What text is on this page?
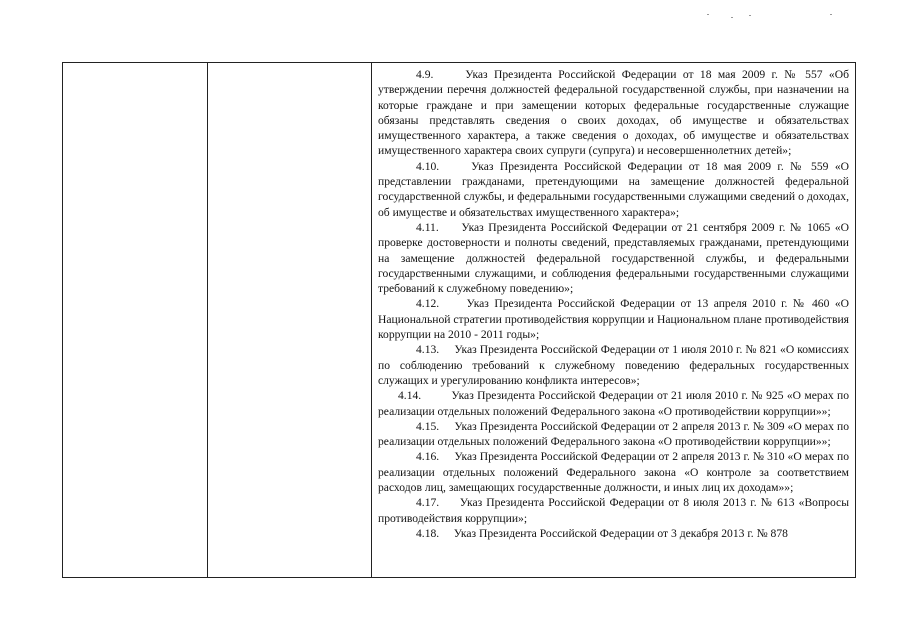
4.9.	Указ Президента Российской Федерации от 18 мая 2009 г. № 557 «Об утверждении перечня должностей федеральной государственной службы, при назначении на которые граждане и при замещении которых федеральные государственные служащие обязаны представлять сведения о своих доходах, об имуществе и обязательствах имущественного характера, а также сведения о доходах, об имуществе и обязательствах имущественного характера своих супруги (супруга) и несовершеннолетних детей»;

4.10.	Указ Президента Российской Федерации от 18 мая 2009 г. № 559 «О представлении гражданами, претендующими на замещение должностей федеральной государственной службы, и федеральными государственными служащими сведений о доходах, об имуществе и обязательствах имущественного характера»;

4.11. Указ Президента Российской Федерации от 21 сентября 2009 г. № 1065 «О проверке достоверности и полноты сведений, представляемых гражданами, претендующими на замещение должностей федеральной государственной службы, и федеральными государственными служащими, и соблюдения федеральными государственными служащими требований к служебному поведению»;

4.12. Указ Президента Российской Федерации от 13 апреля 2010 г. № 460 «О Национальной стратегии противодействия коррупции и Национальном плане противодействия коррупции на 2010 - 2011 годы»;

4.13. Указ Президента Российской Федерации от 1 июля 2010 г. № 821 «О комиссиях по соблюдению требований к служебному поведению федеральных государственных служащих и урегулированию конфликта интересов»;

4.14.	Указ Президента Российской Федерации от 21 июля 2010 г. № 925 «О мерах по реализации отдельных положений Федерального закона «О противодействии коррупции»»;

4.15. Указ Президента Российской Федерации от 2 апреля 2013 г. № 309 «О мерах по реализации отдельных положений Федерального закона «О противодействии коррупции»»;

4.16. Указ Президента Российской Федерации от 2 апреля 2013 г. № 310 «О мерах по реализации отдельных положений Федерального закона «О контроле за соответствием расходов лиц, замещающих государственные должности, и иных лиц их доходам»»;

4.17. Указ Президента Российской Федерации от 8 июля 2013 г. № 613 «Вопросы противодействия коррупции»;

4.18. Указ Президента Российской Федерации от 3 декабря 2013 г. № 878
